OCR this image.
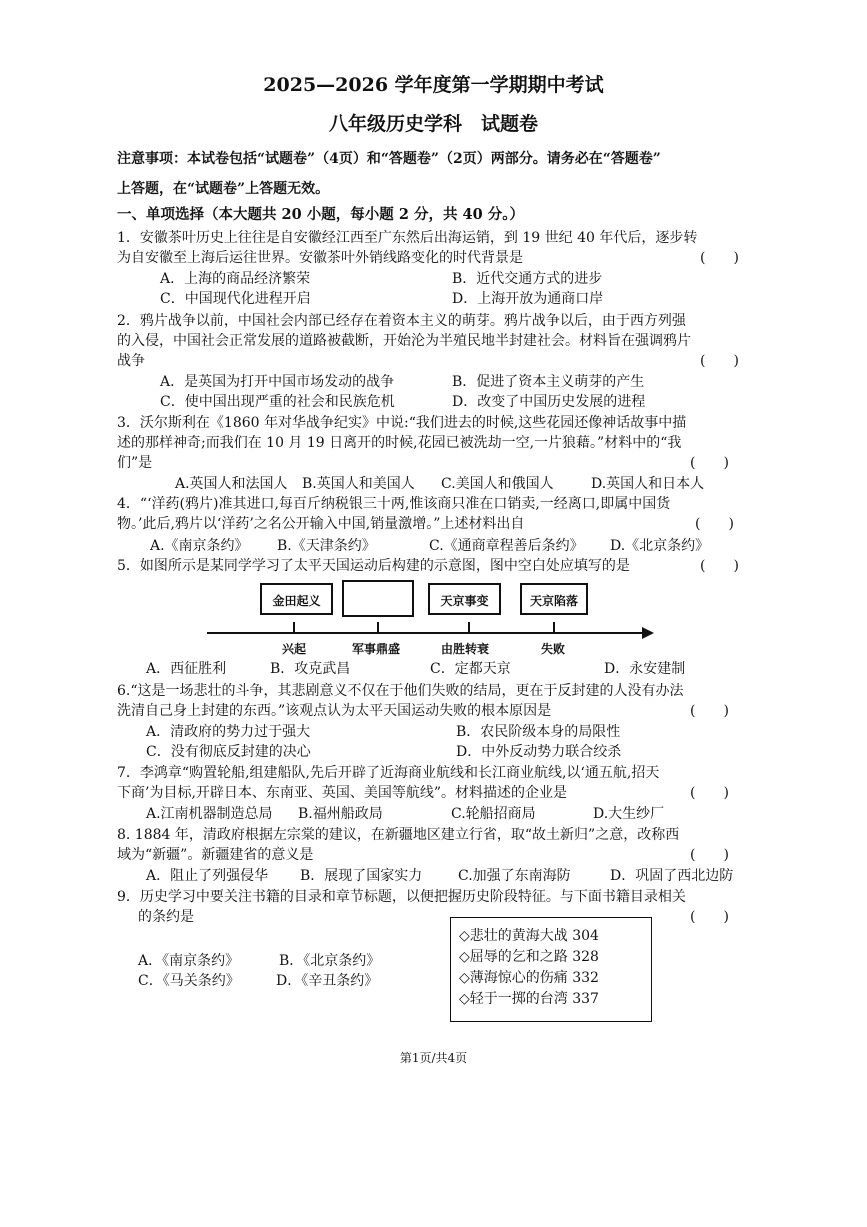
2025—2026 学年度第一学期期中考试

八年级历史学科　试题卷

注意事项：本试卷包括“试题卷”（4页）和“答题卷”（2页）两部分。请务必在“答题卷”

上答题，在“试题卷”上答题无效。

一、单项选择（本大题共 20 小题，每小题 2 分，共 40 分。）

1．安徽茶叶历史上往往是自安徽经江西至广东然后出海运销，到 19 世纪 40 年代后，逐步转

为自安徽至上海后运往世界。安徽茶叶外销线路变化的时代背景是	(　　)

A．上海的商品经济繁荣	B．近代交通方式的进步

C．中国现代化进程开启	D．上海开放为通商口岸

2．鸦片战争以前，中国社会内部已经存在着资本主义的萌芽。鸦片战争以后，由于西方列强

的入侵，中国社会正常发展的道路被截断，开始沦为半殖民地半封建社会。材料旨在强调鸦片

战争	(　　)

A．是英国为打开中国市场发动的战争	B．促进了资本主义萌芽的产生

C．使中国出现严重的社会和民族危机	D．改变了中国历史发展的进程

3．沃尔斯利在《1860 年对华战争纪实》中说:“我们进去的时候,这些花园还像神话故事中描

述的那样神奇;而我们在 10 月 19 日离开的时候,花园已被洗劫一空,一片狼藉。”材料中的“我

们”是	(　　)

A.英国人和法国人 B.英国人和美国人 C.美国人和俄国人	D.英国人和日本人

4．“‘洋药(鸦片)准其进口,每百斤纳税银三十两,惟该商只准在口销卖,一经离口,即属中国货

物。’此后,鸦片以‘洋药’之名公开输入中国,销量激增。”上述材料出自	(　　)

A.《南京条约》 B.《天津条约》	C.《通商章程善后条约》 D.《北京条约》

5．如图所示是某同学学习了太平天国运动后构建的示意图，图中空白处应填写的是	(　　)

金田起义	天京事变	天京陷落
兴起	军事鼎盛	由胜转衰	失败

A．西征胜利	B．攻克武昌	C．定都天京	D．永安建制

6.“这是一场悲壮的斗争，其悲剧意义不仅在于他们失败的结局，更在于反封建的人没有办法

洗清自己身上封建的东西。”该观点认为太平天国运动失败的根本原因是	(　　)

A．清政府的势力过于强大	B．农民阶级本身的局限性

C．没有彻底反封建的决心	D．中外反动势力联合绞杀

7．李鸿章“购置轮船,组建船队,先后开辟了近海商业航线和长江商业航线,以‘通五航,招天

下商’为目标,开辟日本、东南亚、英国、美国等航线”。材料描述的企业是	(　　)

A.江南机器制造总局 B.福州船政局	C.轮船招商局	D.大生纱厂

8. 1884 年，清政府根据左宗棠的建议，在新疆地区建立行省，取“故土新归”之意，改称西

域为“新疆”。新疆建省的意义是	(　　)

A．阻止了列强侵华 B．展现了国家实力	C.加强了东南海防	D．巩固了西北边防

9．历史学习中要关注书籍的目录和章节标题，以便把握历史阶段特征。与下面书籍目录相关

的条约是	(　　)

◇悲壮的黄海大战 304
◇屈辱的乞和之路 328
◇薄海惊心的伤痛 332
◇轻于一掷的台湾 337

A．《南京条约》	B．《北京条约》

C．《马关条约》	D．《辛丑条约》

第1页/共4页
